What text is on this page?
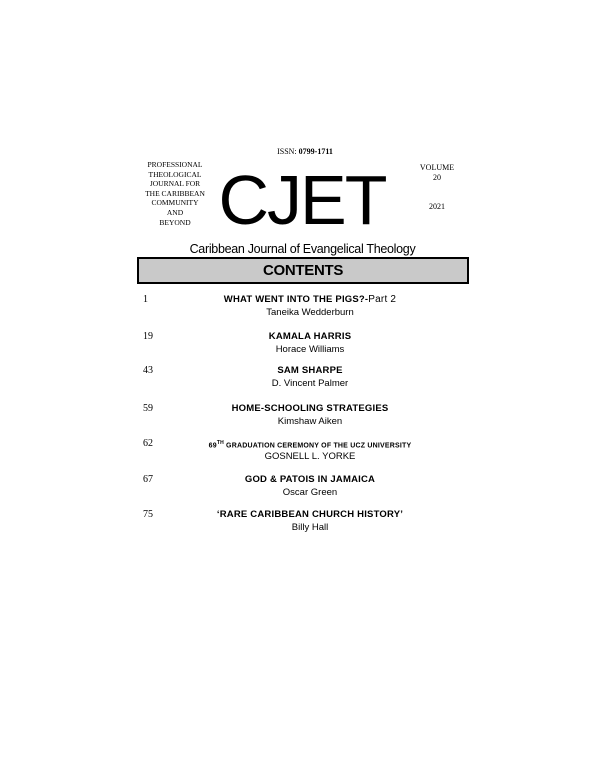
ISSN: 0799-1711
PROFESSIONAL
THEOLOGICAL
JOURNAL FOR
THE CARIBBEAN
COMMUNITY
AND
BEYOND CJET	VOLUME
20
2021
Caribbean Journal of Evangelical Theology
CONTENTS
1	WHAT WENT INTO THE PIGS?-Part 2
Taneika Wedderburn
19	KAMALA HARRIS
Horace Williams
43	SAM SHARPE
D. Vincent Palmer
59	HOME-SCHOOLING STRATEGIES
Kimshaw Aiken
62	69TH GRADUATION CEREMONY OF THE UCZ UNIVERSITY
GOSNELL L. YORKE
67	GOD & PATOIS IN JAMAICA
Oscar Green
75	‘RARE CARIBBEAN CHURCH HISTORY’
Billy Hall
